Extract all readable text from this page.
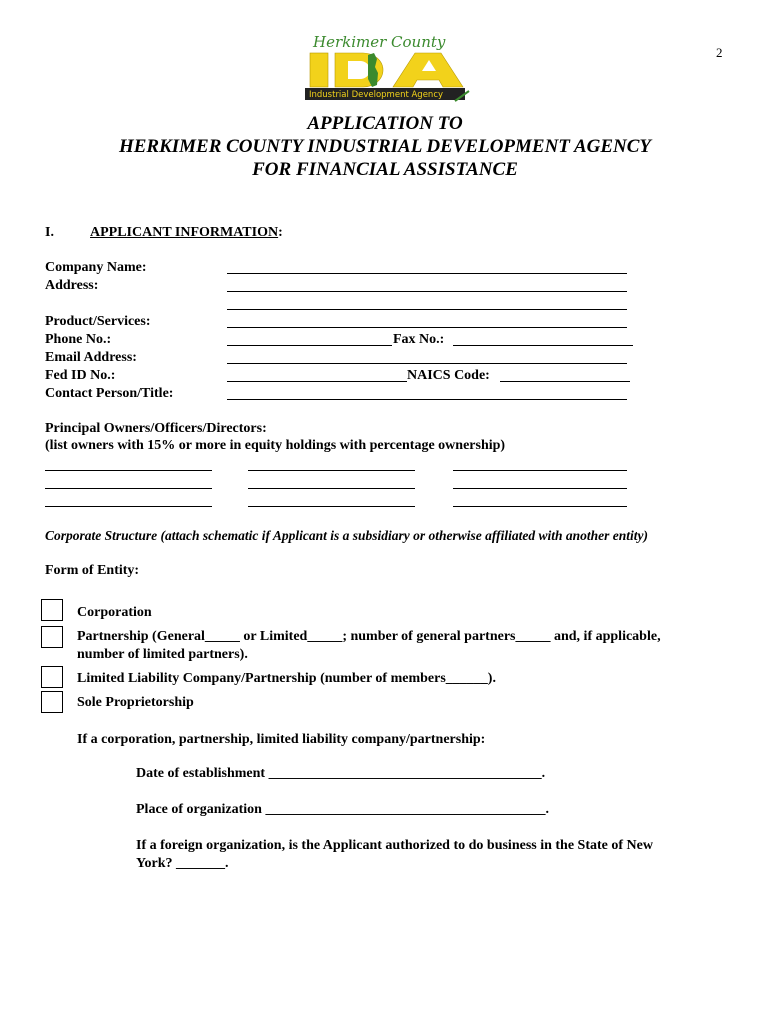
2
Herkimer County
Industrial Development Agency
APPLICATION TO
HERKIMER COUNTY INDUSTRIAL DEVELOPMENT AGENCY
FOR FINANCIAL ASSISTANCE
I.	APPLICANT INFORMATION:
Company Name:
Address:
Product/Services:
Phone No.:
Email Address:
Fed ID No.:
Contact Person/Title:
Fax No.:
NAICS Code:
Principal Owners/Officers/Directors:
(list owners with 15% or more in equity holdings with percentage ownership)
Corporate Structure (attach schematic if Applicant is a subsidiary or otherwise affiliated with another entity)
Form of Entity:
Corporation
Partnership (General_____ or Limited_____; number of general partners_____ and, if applicable,
number of limited partners).
Limited Liability Company/Partnership (number of members______).
Sole Proprietorship
If a corporation, partnership, limited liability company/partnership:
Date of establishment _______________________________________.
Place of organization ________________________________________.
If a foreign organization, is the Applicant authorized to do business in the State of New
York? _______.
